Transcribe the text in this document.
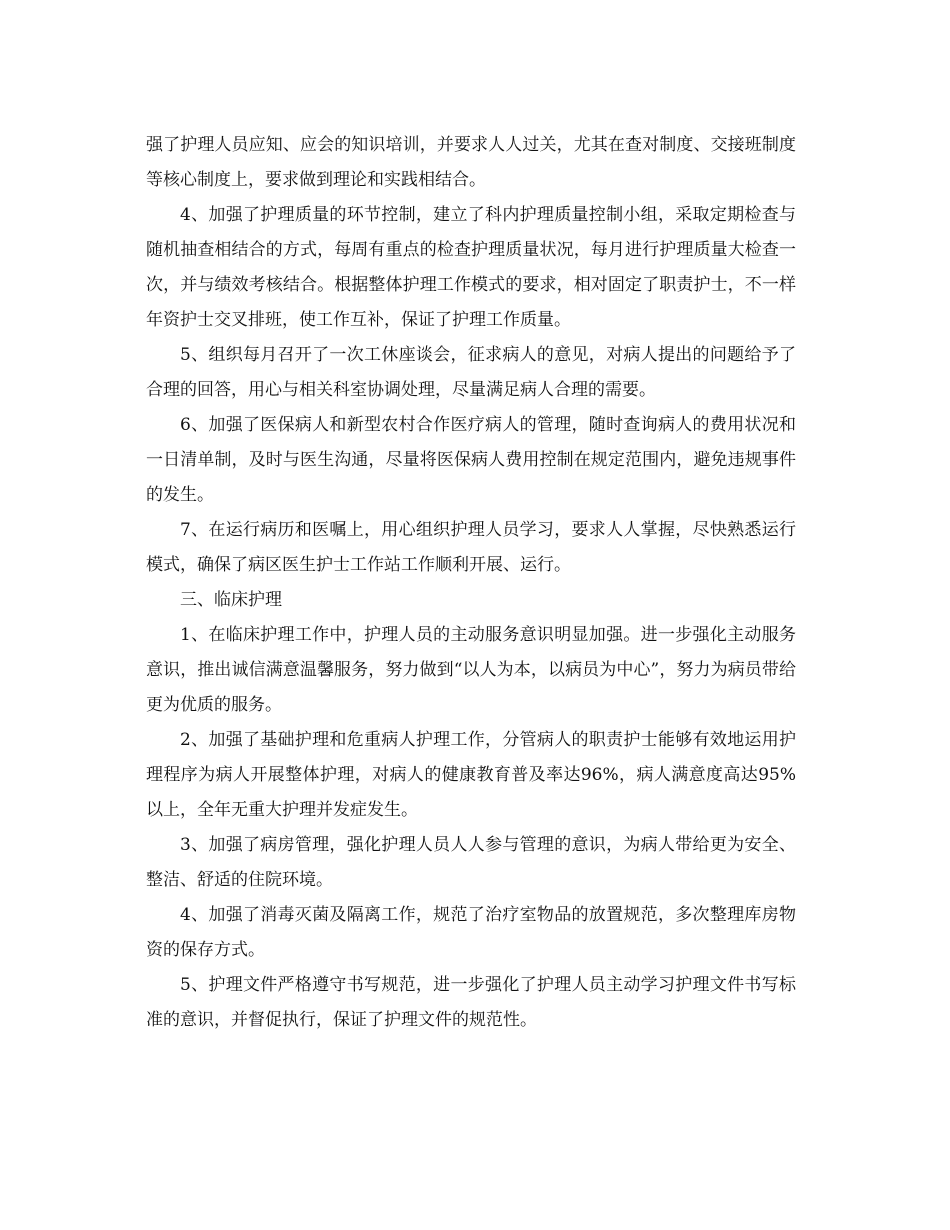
强了护理人员应知、应会的知识培训，并要求人人过关，尤其在查对制度、交接班制度等核心制度上，要求做到理论和实践相结合。

4、加强了护理质量的环节控制，建立了科内护理质量控制小组，采取定期检查与随机抽查相结合的方式，每周有重点的检查护理质量状况，每月进行护理质量大检查一次，并与绩效考核结合。根据整体护理工作模式的要求，相对固定了职责护士，不一样年资护士交叉排班，使工作互补，保证了护理工作质量。

5、组织每月召开了一次工休座谈会，征求病人的意见，对病人提出的问题给予了合理的回答，用心与相关科室协调处理，尽量满足病人合理的需要。

6、加强了医保病人和新型农村合作医疗病人的管理，随时查询病人的费用状况和一日清单制，及时与医生沟通，尽量将医保病人费用控制在规定范围内，避免违规事件的发生。

7、在运行病历和医嘱上，用心组织护理人员学习，要求人人掌握，尽快熟悉运行模式，确保了病区医生护士工作站工作顺利开展、运行。

三、临床护理

1、在临床护理工作中，护理人员的主动服务意识明显加强。进一步强化主动服务意识，推出诚信满意温馨服务，努力做到“以人为本，以病员为中心”，努力为病员带给更为优质的服务。

2、加强了基础护理和危重病人护理工作，分管病人的职责护士能够有效地运用护理程序为病人开展整体护理，对病人的健康教育普及率达96%，病人满意度高达95%以上，全年无重大护理并发症发生。

3、加强了病房管理，强化护理人员人人参与管理的意识，为病人带给更为安全、整洁、舒适的住院环境。

4、加强了消毒灭菌及隔离工作，规范了治疗室物品的放置规范，多次整理库房物资的保存方式。

5、护理文件严格遵守书写规范，进一步强化了护理人员主动学习护理文件书写标准的意识，并督促执行，保证了护理文件的规范性。
